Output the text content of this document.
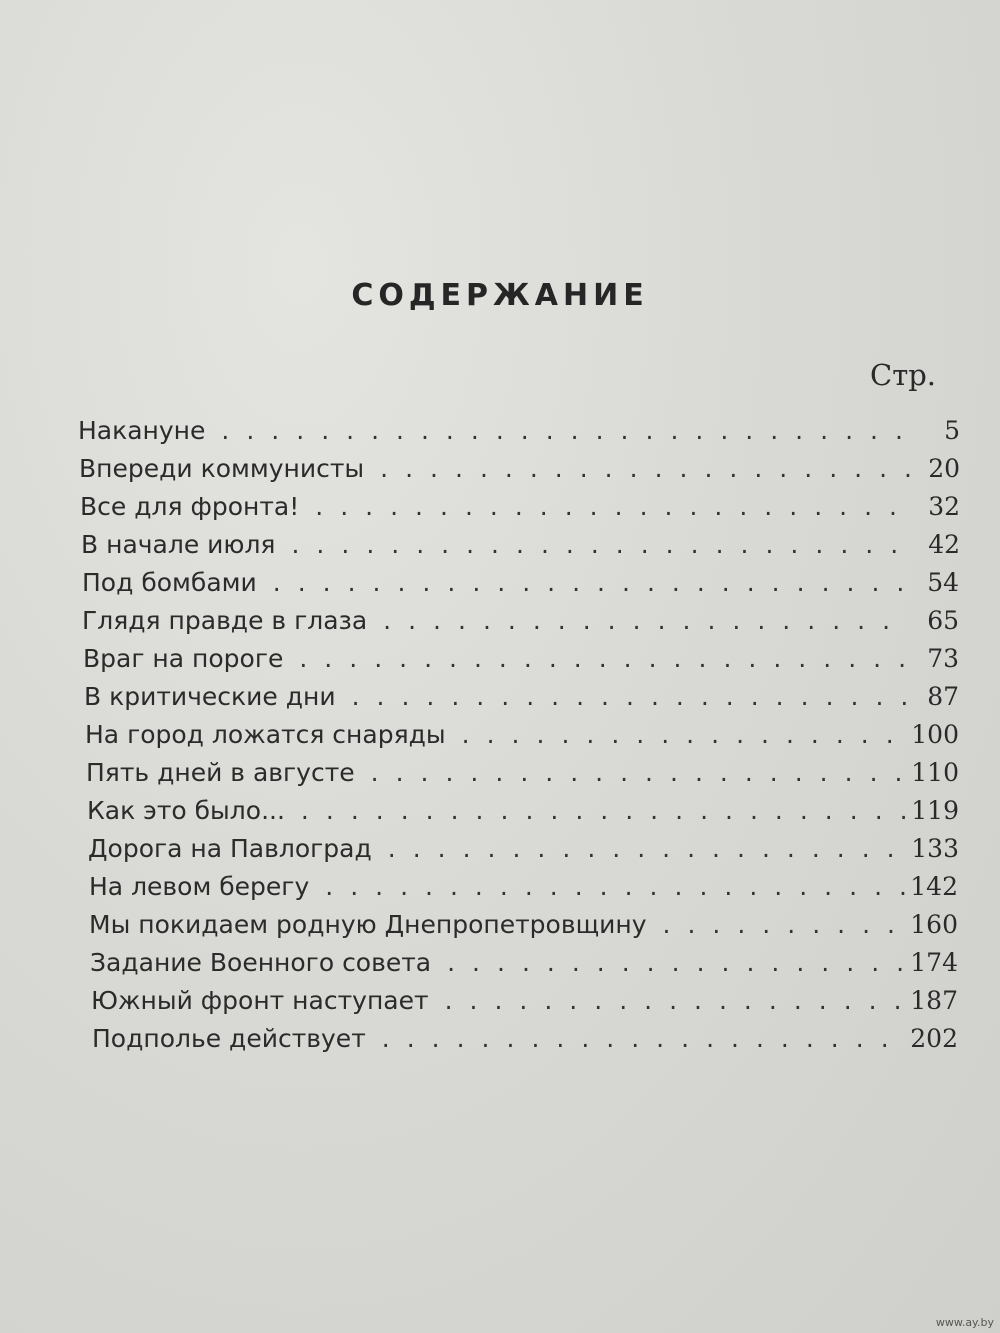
СОДЕРЖАНИЕ
Стр.
Накануне	5
............................
Впереди коммунисты	20
......................
Все для фронта!	32
........................
В начале июля	42
.........................
Под бомбами	54
..........................
Глядя правде в глаза	65
.....................
Враг на пороге	73
.........................
В критические дни	87
.......................
На город ложатся снаряды	100
..................
Пять дней в августе	110
......................
Как это было...	119
.........................
Дорога на Павлоград	133
.....................
На левом берегу	142
........................
Мы покидаем родную Днепропетровщину	160
..........
Задание Военного совета	174
...................
Южный фронт наступает	187
...................
Подполье действует	202
.....................
www.ay.by
